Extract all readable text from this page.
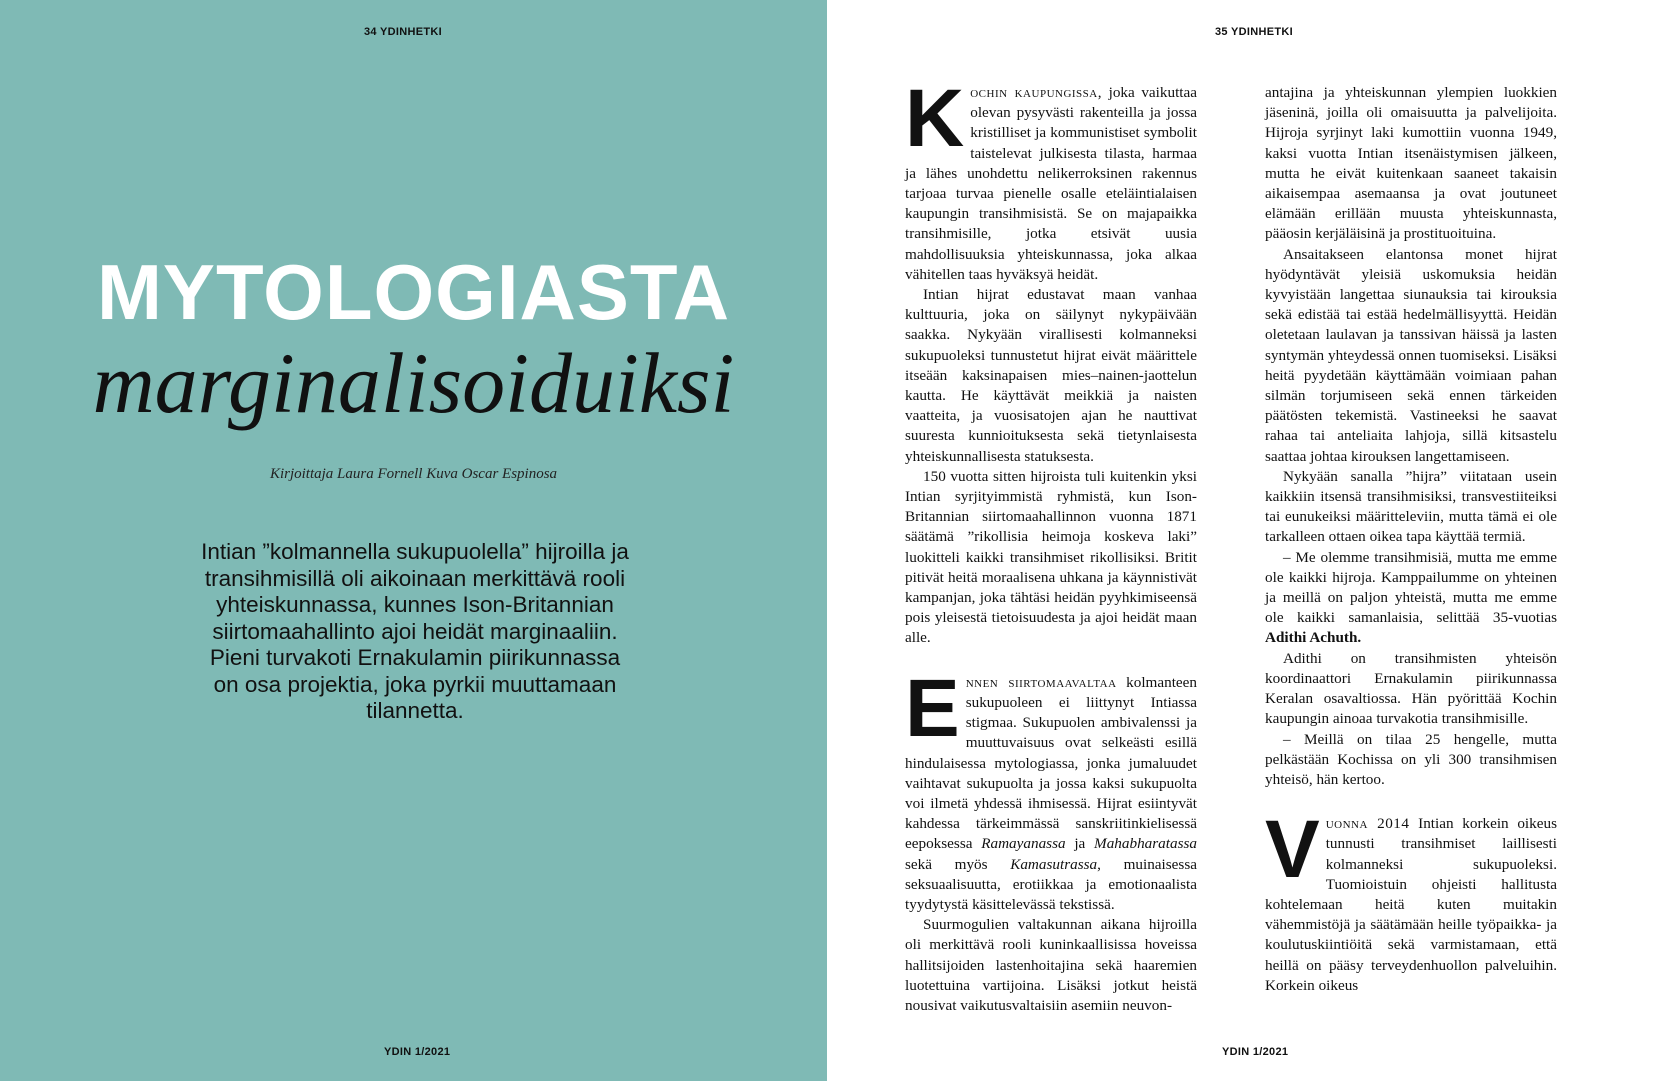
34 YDINHETKI
MYTOLOGIASTA
marginalisoiduiksi
Kirjoittaja Laura Fornell Kuva Oscar Espinosa
Intian ”kolmannella sukupuolella” hijroilla ja transihmisillä oli aikoinaan merkittävä rooli yhteiskunnassa, kunnes Ison-Britannian siirtomaahallinto ajoi heidät marginaaliin. Pieni turvakoti Ernakulamin piirikunnassa on osa projektia, joka pyrkii muuttamaan tilannetta.
YDIN 1/2021
35 YDINHETKI
K ochin kaupungissa, joka vaikuttaa olevan pysyvästi rakenteilla ja jossa kristilliset ja kommunistiset symbolit taistelevat julkisesta tilasta, harmaa ja lähes unohdettu nelikerroksinen rakennus tarjoaa turvaa pienelle osalle eteläintialaisen kaupungin transihmisistä. Se on majapaikka transihmisille, jotka etsivät uusia mahdollisuuksia yhteiskunnassa, joka alkaa vähitellen taas hyväksyä heidät.

Intian hijrat edustavat maan vanhaa kulttuuria, joka on säilynyt nykypäivään saakka. Nykyään virallisesti kolmanneksi sukupuoleksi tunnustetut hijrat eivät määrittele itseään kaksinapaisen mies–nainen-jaottelun kautta. He käyttävät meikkiä ja naisten vaatteita, ja vuosisatojen ajan he nauttivat suuresta kunnioituksesta sekä tietynlaisesta yhteiskunnallisesta statuksesta.

150 vuotta sitten hijroista tuli kuitenkin yksi Intian syrjityimmistä ryhmistä, kun Ison-Britannian siirtomaahallinnon vuonna 1871 säätämä ”rikollisia heimoja koskeva laki” luokitteli kaikki transihmiset rikollisiksi. Britit pitivät heitä moraalisena uhkana ja käynnistivät kampanjan, joka tähtäsi heidän pyyhkimiseensä pois yleisestä tietoisuudesta ja ajoi heidät maan alle.

E nnen siirtomaavaltaa kolmanteen sukupuoleen ei liittynyt Intiassa stigmaa. Sukupuolen ambivalenssi ja muuttuvaisuus ovat selkeästi esillä hindulaisessa mytologiassa, jonka jumaluudet vaihtavat sukupuolta ja jossa kaksi sukupuolta voi ilmetä yhdessä ihmisessä. Hijrat esiintyvät kahdessa tärkeimmässä sanskriitinkielisessä eepoksessa Ramayanassa ja Mahabharatassa sekä myös Kamasutrassa, muinaisessa seksuaalisuutta, erotiikkaa ja emotionaalista tyydytystä käsittelevässä tekstissä.

Suurmogulien valtakunnan aikana hijroilla oli merkittävä rooli kuninkaallisissa hoveissa hallitsijoiden lastenhoitajina sekä haaremien luotettuina vartijoina. Lisäksi jotkut heistä nousivat vaikutusvaltaisiin asemiin neuvon-

antajina ja yhteiskunnan ylempien luokkien jäseninä, joilla oli omaisuutta ja palvelijoita. Hijroja syrjinyt laki kumottiin vuonna 1949, kaksi vuotta Intian itsenäistymisen jälkeen, mutta he eivät kuitenkaan saaneet takaisin aikaisempaa asemaansa ja ovat joutuneet elämään erillään muusta yhteiskunnasta, pääosin kerjäläisinä ja prostituoituina.

Ansaitakseen elantonsa monet hijrat hyödyntävät yleisiä uskomuksia heidän kyvyistään langettaa siunauksia tai kirouksia sekä edistää tai estää hedelmällisyyttä. Heidän oletetaan laulavan ja tanssivan häissä ja lasten syntymän yhteydessä onnen tuomiseksi. Lisäksi heitä pyydetään käyttämään voimiaan pahan silmän torjumiseen sekä ennen tärkeiden päätösten tekemistä. Vastineeksi he saavat rahaa tai anteliaita lahjoja, sillä kitsastelu saattaa johtaa kirouksen langettamiseen.

Nykyään sanalla ”hijra” viitataan usein kaikkiin itsensä transihmisiksi, transvestiiteiksi tai eunukeiksi määritteleviin, mutta tämä ei ole tarkalleen ottaen oikea tapa käyttää termiä.

– Me olemme transihmisiä, mutta me emme ole kaikki hijroja. Kamppailumme on yhteinen ja meillä on paljon yhteistä, mutta me emme ole kaikki samanlaisia, selittää 35-vuotias Adithi Achuth.

Adithi on transihmisten yhteisön koordinaattori Ernakulamin piirikunnassa Keralan osavaltiossa. Hän pyörittää Kochin kaupungin ainoaa turvakotia transihmisille.

– Meillä on tilaa 25 hengelle, mutta pelkästään Kochissa on yli 300 transihmisen yhteisö, hän kertoo.

V uonna 2014 Intian korkein oikeus tunnusti transihmiset laillisesti kolmanneksi sukupuoleksi. Tuomioistuin ohjeisti hallitusta kohtelemaan heitä kuten muitakin vähemmistöjä ja säätämään heille työpaikka- ja koulutuskiintiöitä sekä varmistamaan, että heillä on pääsy terveydenhuollon palveluihin. Korkein oikeus

YDIN 1/2021
